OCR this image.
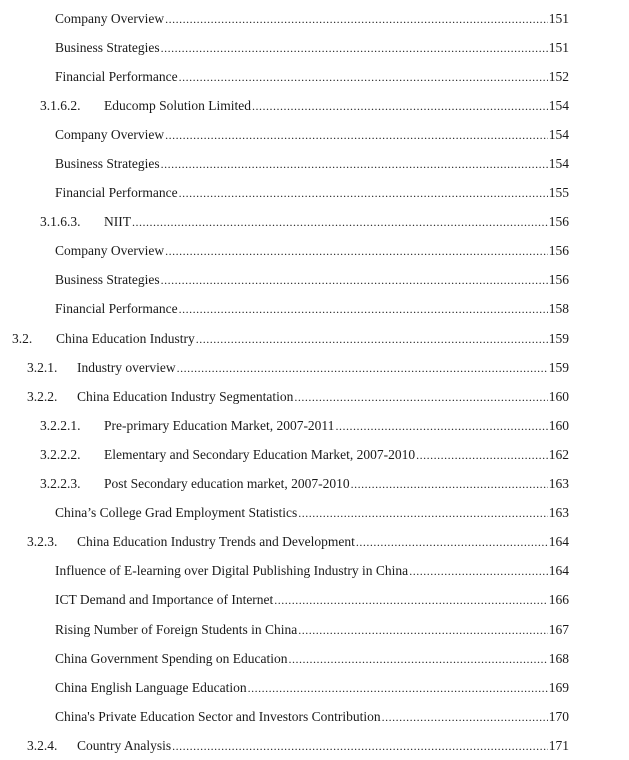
Company Overview .....	151
Business Strategies .....	151
Financial Performance .....	152
3.1.6.2. Educomp Solution Limited .....	154
Company Overview .....	154
Business Strategies .....	154
Financial Performance .....	155
3.1.6.3. NIIT .....	156
Company Overview .....	156
Business Strategies .....	156
Financial Performance .....	158
3.2. China Education Industry .....	159
3.2.1. Industry overview .....	159
3.2.2. China Education Industry Segmentation .....	160
3.2.2.1. Pre-primary Education Market, 2007-2011 .....	160
3.2.2.2. Elementary and Secondary Education Market, 2007-2010 .....	162
3.2.2.3. Post Secondary education market, 2007-2010 .....	163
China’s College Grad Employment Statistics .....	163
3.2.3. China Education Industry Trends and Development .....	164
Influence of E-learning over Digital Publishing Industry in China .....	164
ICT Demand and Importance of Internet .....	166
Rising Number of Foreign Students in China .....	167
China Government Spending on Education .....	168
China English Language Education .....	169
China's Private Education Sector and Investors Contribution .....	170
3.2.4. Country Analysis .....	171
